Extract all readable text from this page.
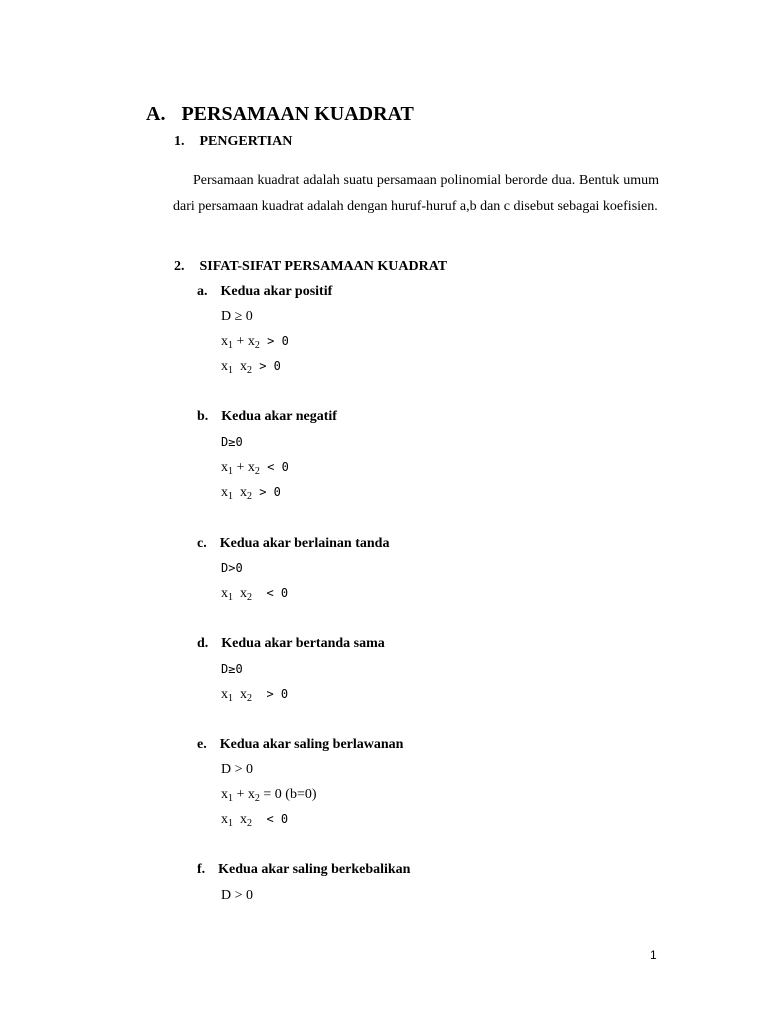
A. PERSAMAAN KUADRAT
1. PENGERTIAN
Persamaan kuadrat adalah suatu persamaan polinomial berorde dua. Bentuk umum dari persamaan kuadrat adalah dengan huruf-huruf a,b dan c disebut sebagai koefisien.
2. SIFAT-SIFAT PERSAMAAN KUADRAT
a. Kedua akar positif
D ≥ 0
$x_1 + x_2 > 0$
$x_1$  $x_2 > 0$
b. Kedua akar negatif
D≥0
$x_1 + x_2 < 0$
$x_1$  $x_2 > 0$
c. Kedua akar berlainan tanda
D>0
$x_1$  $x_2 < 0$
d. Kedua akar bertanda sama
D≥0
$x_1$  $x_2 > 0$
e. Kedua akar saling berlawanan
D > 0
$x_1 + x_2 = 0$ (b=0)
$x_1$  $x_2 < 0$
f. Kedua akar saling berkebalikan
D > 0
1
